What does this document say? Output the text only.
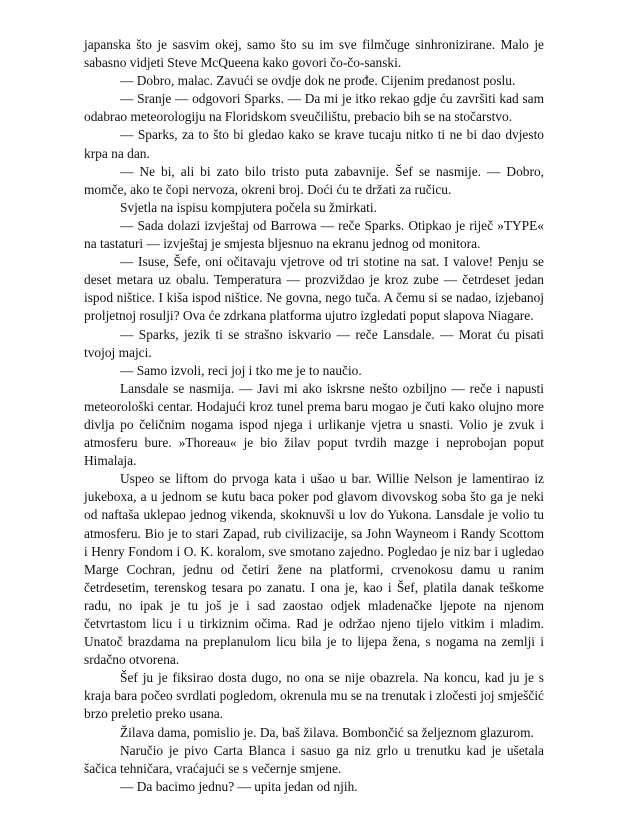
japanska što je sasvim okej, samo što su im sve filmčuge sinhronizirane. Malo je sabasno vidjeti Steve McQueena kako govori čo-čo-sanski.

— Dobro, malac. Zavući se ovdje dok ne prođe. Cijenim predanost poslu.

— Sranje — odgovori Sparks. — Da mi je itko rekao gdje ću završiti kad sam odabrao meteorologiju na Floridskom sveučilištu, prebacio bih se na stočarstvo.

— Sparks, za to što bi gledao kako se krave tucaju nitko ti ne bi dao dvjesto krpa na dan.

— Ne bi, ali bi zato bilo tristo puta zabavnije. Šef se nasmije. — Dobro, momče, ako te čopi nervoza, okreni broj. Doći ću te držati za ručicu.

Svjetla na ispisu kompjutera počela su žmirkati.

— Sada dolazi izvještaj od Barrowa — reče Sparks. Otipkao je riječ »TYPE« na tastaturi — izvještaj je smjesta bljesnuo na ekranu jednog od monitora.

— Isuse, Šefe, oni očitavaju vjetrove od tri stotine na sat. I valove! Penju se deset metara uz obalu. Temperatura — prozviždao je kroz zube — četrdeset jedan ispod ništice. I kiša ispod ništice. Ne govna, nego tuča. A čemu si se nadao, izjebanoj proljetnoj rosulji? Ova će zdrkana platforma ujutro izgledati poput slapova Niagare.

— Sparks, jezik ti se strašno iskvario — reče Lansdale. — Morat ću pisati tvojoj majci.

— Samo izvoli, reci joj i tko me je to naučio.

Lansdale se nasmija. — Javi mi ako iskrsne nešto ozbiljno — reče i napusti meteorološki centar. Hodajući kroz tunel prema baru mogao je čuti kako olujno more divlja po čeličnim nogama ispod njega i urlikanje vjetra u snasti. Volio je zvuk i atmosferu bure. »Thoreau« je bio žilav poput tvrdih mazge i neprobojan poput Himalaja.

Uspeo se liftom do prvoga kata i ušao u bar. Willie Nelson je lamentirao iz jukeboxa, a u jednom se kutu baca poker pod glavom divovskog soba što ga je neki od naftaša uklepao jednog vikenda, skoknuvši u lov do Yukona. Lansdale je volio tu atmosferu. Bio je to stari Zapad, rub civilizacije, sa John Wayneom i Randy Scottom i Henry Fondom i O. K. koralom, sve smotano zajedno. Pogledao je niz bar i ugledao Marge Cochran, jednu od četiri žene na platformi, crvenokosu damu u ranim četrdesetim, terenskog tesara po zanatu. I ona je, kao i Šef, platila danak teškome radu, no ipak je tu još je i sad zaostao odjek mladenačke ljepote na njenom četvrtastom licu i u tirkiznim očima. Rad je održao njeno tijelo vitkim i mladim. Unatoč brazdama na preplanulom licu bila je to lijepa žena, s nogama na zemlji i srdačno otvorena.

Šef ju je fiksirao dosta dugo, no ona se nije obazrela. Na koncu, kad ju je s kraja bara počeo svrdlati pogledom, okrenula mu se na trenutak i zločesti joj smješčić brzo preletio preko usana.

Žilava dama, pomislio je. Da, baš žilava. Bombončić sa željeznom glazurom.

Naručio je pivo Carta Blanca i sasuo ga niz grlo u trenutku kad je ušetala šačica tehničara, vraćajući se s večernje smjene.

— Da bacimo jednu? — upita jedan od njih.
